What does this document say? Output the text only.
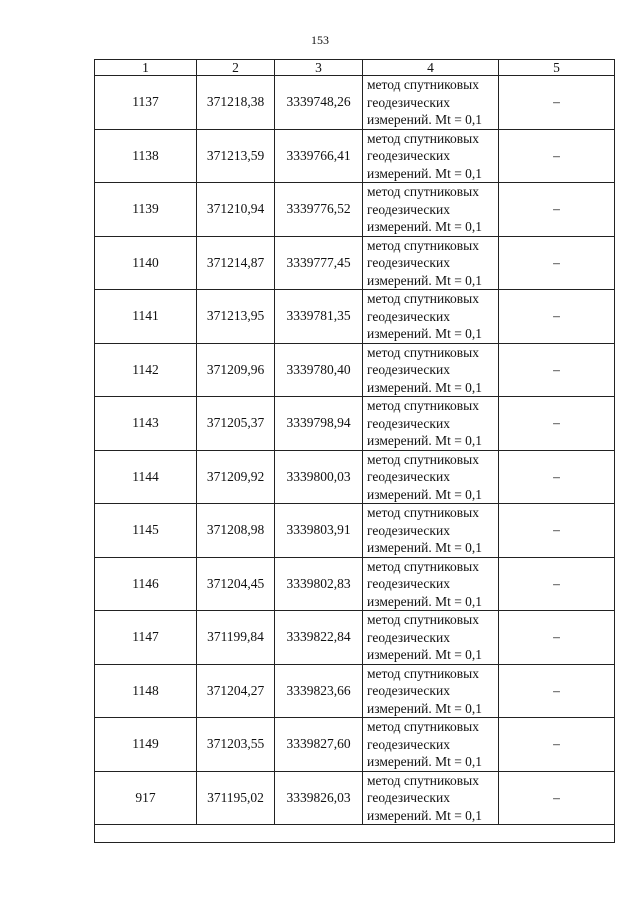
153
1	2	3	4	5
1137	371218,38	3339748,26	метод спутниковых геодезических измерений. Mt = 0,1	–
1138	371213,59	3339766,41	метод спутниковых геодезических измерений. Mt = 0,1	–
1139	371210,94	3339776,52	метод спутниковых геодезических измерений. Mt = 0,1	–
1140	371214,87	3339777,45	метод спутниковых геодезических измерений. Mt = 0,1	–
1141	371213,95	3339781,35	метод спутниковых геодезических измерений. Mt = 0,1	–
1142	371209,96	3339780,40	метод спутниковых геодезических измерений. Mt = 0,1	–
1143	371205,37	3339798,94	метод спутниковых геодезических измерений. Mt = 0,1	–
1144	371209,92	3339800,03	метод спутниковых геодезических измерений. Mt = 0,1	–
1145	371208,98	3339803,91	метод спутниковых геодезических измерений. Mt = 0,1	–
1146	371204,45	3339802,83	метод спутниковых геодезических измерений. Mt = 0,1	–
1147	371199,84	3339822,84	метод спутниковых геодезических измерений. Mt = 0,1	–
1148	371204,27	3339823,66	метод спутниковых геодезических измерений. Mt = 0,1	–
1149	371203,55	3339827,60	метод спутниковых геодезических измерений. Mt = 0,1	–
917	371195,02	3339826,03	метод спутниковых геодезических измерений. Mt = 0,1	–
